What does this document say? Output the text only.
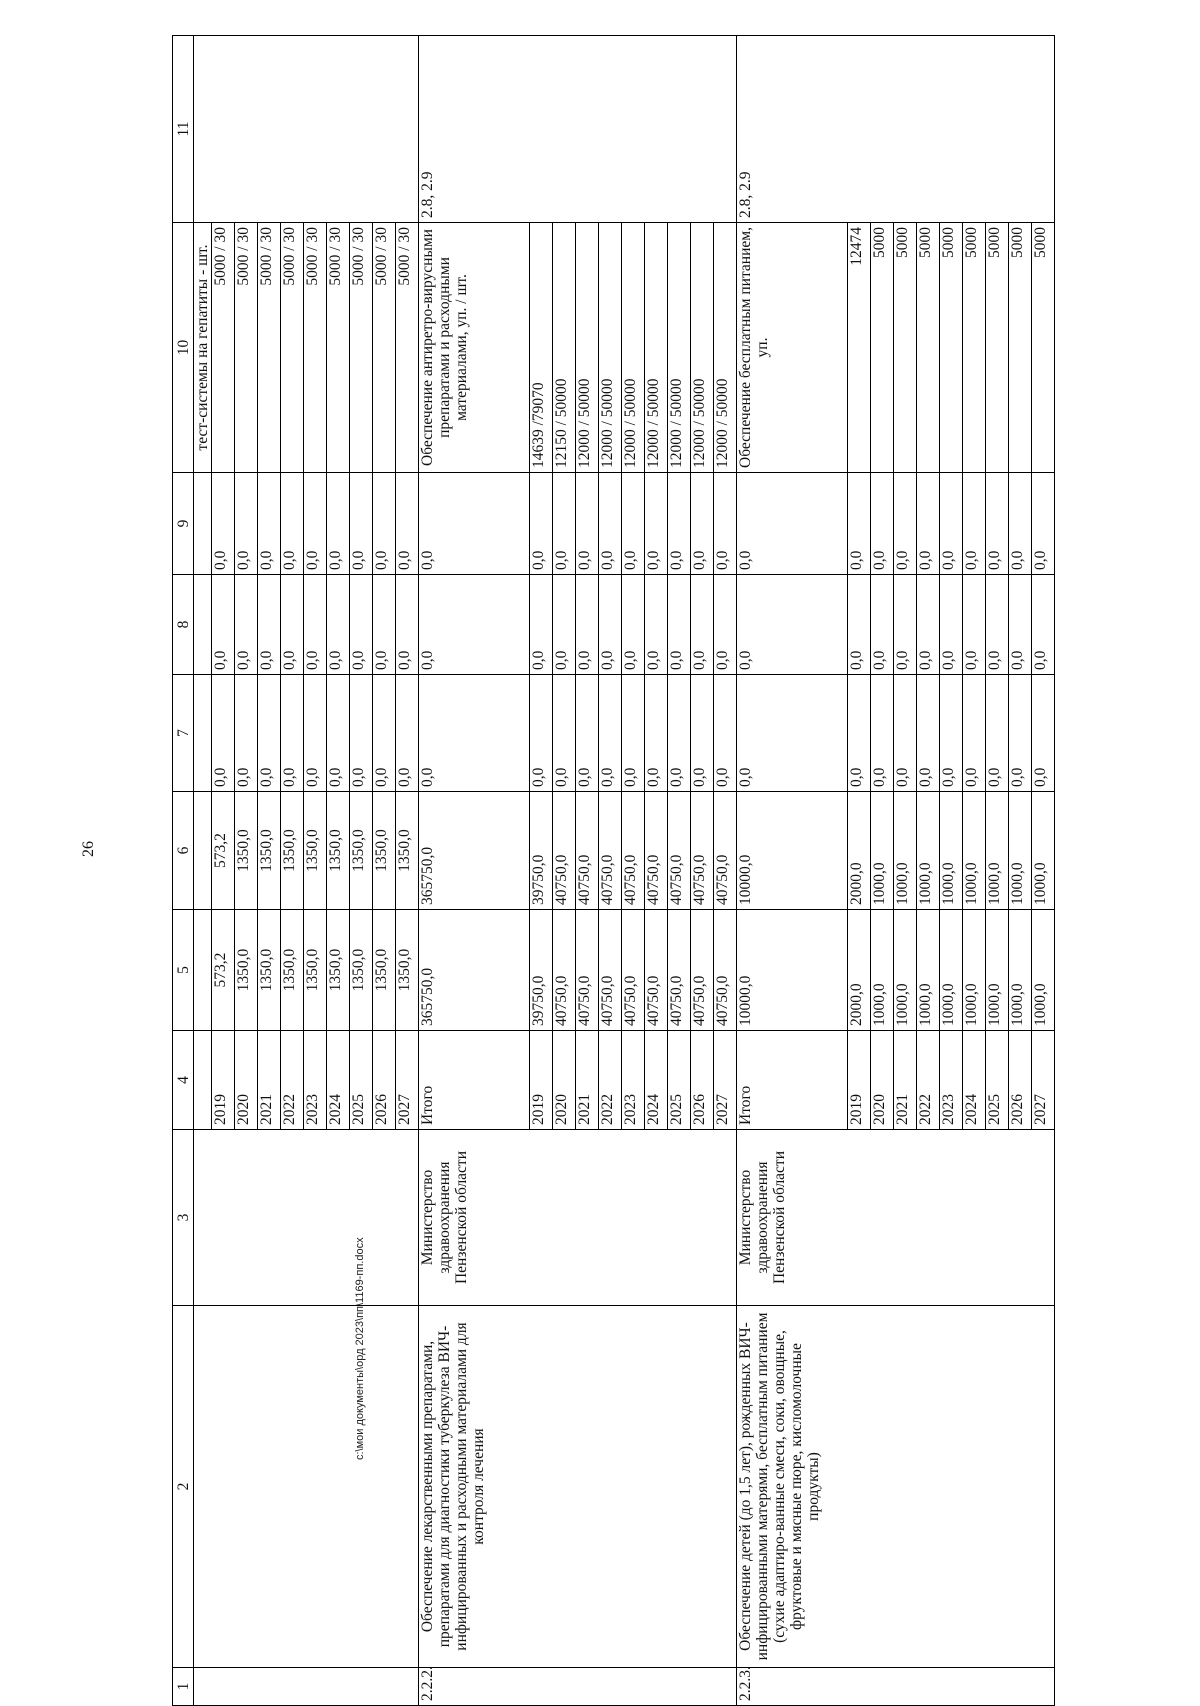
26
c:\мои документы\орд 2023\пп\1169-пп.docx
1	2	3	4	5	6	7	8	9	10	11
									тест-системы на гепатиты - шт.	
			2019	573,2	573,2	0,0	0,0	0,0	5000 / 30	
			2020	1350,0	1350,0	0,0	0,0	0,0	5000 / 30	
			2021	1350,0	1350,0	0,0	0,0	0,0	5000 / 30	
			2022	1350,0	1350,0	0,0	0,0	0,0	5000 / 30	
			2023	1350,0	1350,0	0,0	0,0	0,0	5000 / 30	
			2024	1350,0	1350,0	0,0	0,0	0,0	5000 / 30	
			2025	1350,0	1350,0	0,0	0,0	0,0	5000 / 30	
			2026	1350,0	1350,0	0,0	0,0	0,0	5000 / 30	
			2027	1350,0	1350,0	0,0	0,0	0,0	5000 / 30	
2.2.2.	Обеспечение лекарственными препаратами, препаратами для диагностики туберкулеза ВИЧ-инфицированных и расходными материалами для контроля лечения	Министерство здравоохранения Пензенской области	Итого	365750,0	365750,0	0,0	0,0	0,0	Обеспечение антиретро-вирусными препаратами и расходными материалами, уп. / шт.	2.8, 2.9
			2019	39750,0	39750,0	0,0	0,0	0,0	14639 /79070	
			2020	40750,0	40750,0	0,0	0,0	0,0	12150 / 50000	
			2021	40750,0	40750,0	0,0	0,0	0,0	12000 / 50000	
			2022	40750,0	40750,0	0,0	0,0	0,0	12000 / 50000	
			2023	40750,0	40750,0	0,0	0,0	0,0	12000 / 50000	
			2024	40750,0	40750,0	0,0	0,0	0,0	12000 / 50000	
			2025	40750,0	40750,0	0,0	0,0	0,0	12000 / 50000	
			2026	40750,0	40750,0	0,0	0,0	0,0	12000 / 50000	
			2027	40750,0	40750,0	0,0	0,0	0,0	12000 / 50000	
2.2.3.	Обеспечение детей (до 1,5 лет), рожденных ВИЧ-инфицированными матерями, бесплатным питанием (сухие адаптиро-ванные смеси, соки, овощные, фруктовые и мясные пюре, кисломолочные продукты)	Министерство здравоохранения Пензенской области	Итого	10000,0	10000,0	0,0	0,0	0,0	Обеспечение бесплатным питанием, уп.	2.8, 2.9
			2019	2000,0	2000,0	0,0	0,0	0,0	12474	
			2020	1000,0	1000,0	0,0	0,0	0,0	5000	
			2021	1000,0	1000,0	0,0	0,0	0,0	5000	
			2022	1000,0	1000,0	0,0	0,0	0,0	5000	
			2023	1000,0	1000,0	0,0	0,0	0,0	5000	
			2024	1000,0	1000,0	0,0	0,0	0,0	5000	
			2025	1000,0	1000,0	0,0	0,0	0,0	5000	
			2026	1000,0	1000,0	0,0	0,0	0,0	5000	
			2027	1000,0	1000,0	0,0	0,0	0,0	5000	
